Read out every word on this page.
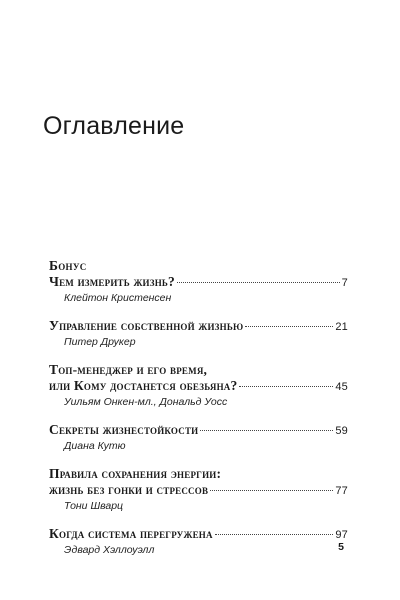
Оглавление
Бонус
Чем измерить жизнь?	7
Клейтон Кристенсен
Управление собственной жизнью	21
Питер Друкер
Топ-менеджер и его время,
или Кому достанется обезьяна?	45
Уильям Онкен-мл., Дональд Уосс
Секреты жизнестойкости	59
Диана Кутю
Правила сохранения энергии:
жизнь без гонки и стрессов	77
Тони Шварц
Когда система перегружена	97
Эдвард Хэллоуэлл	5
